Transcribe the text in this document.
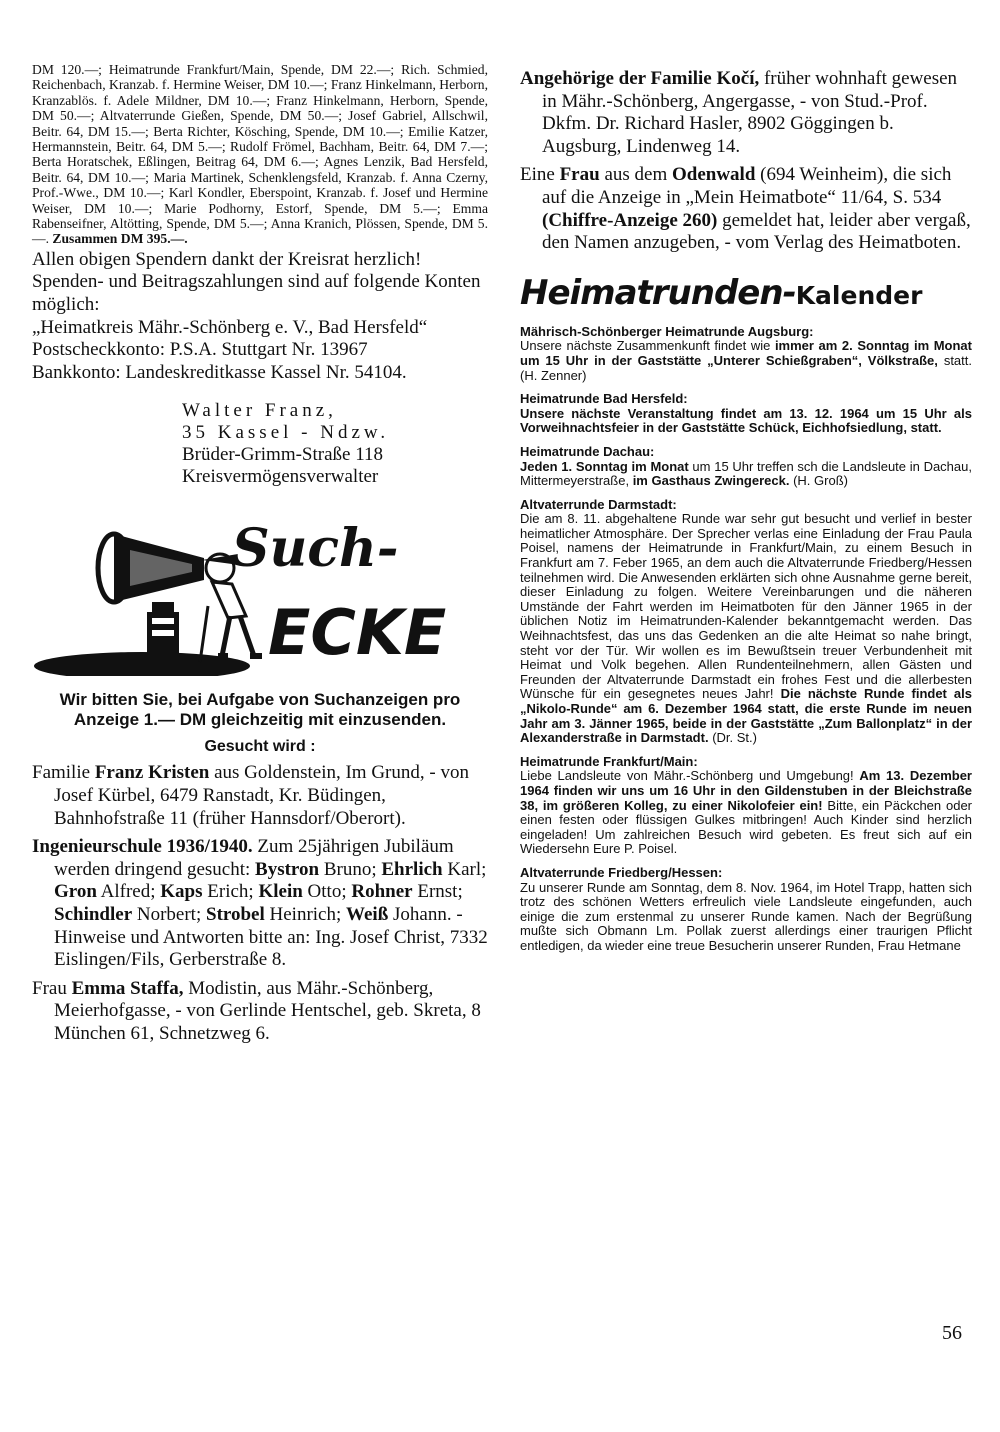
DM 120.—; Heimatrunde Frankfurt/Main, Spende, DM 22.—; Rich. Schmied, Reichenbach, Kranzab. f. Hermine Weiser, DM 10.—; Franz Hinkelmann, Herborn, Kranzablös. f. Adele Mildner, DM 10.—; Franz Hinkelmann, Herborn, Spende, DM 50.—; Altvaterrunde Gießen, Spende, DM 50.—; Josef Gabriel, Allschwil, Beitr. 64, DM 15.—; Berta Richter, Kösching, Spende, DM 10.—; Emilie Katzer, Hermannstein, Beitr. 64, DM 5.—; Rudolf Frömel, Bachham, Beitr. 64, DM 7.—; Berta Horatschek, Eßlingen, Beitrag 64, DM 6.—; Agnes Lenzik, Bad Hersfeld, Beitr. 64, DM 10.—; Maria Martinek, Schenklengsfeld, Kranzab. f. Anna Czerny, Prof.-Wwe., DM 10.—; Karl Kondler, Eberspoint, Kranzab. f. Josef und Hermine Weiser, DM 10.—; Marie Podhorny, Estorf, Spende, DM 5.—; Emma Rabenseifner, Altötting, Spende, DM 5.—; Anna Kranich, Plössen, Spende, DM 5.—. Zusammen DM 395.—.

Allen obigen Spendern dankt der Kreisrat herzlich!

Spenden- und Beitragszahlungen sind auf folgende Konten möglich:

„Heimatkreis Mähr.-Schönberg e. V., Bad Hersfeld“

Postscheckkonto: P.S.A. Stuttgart Nr. 13967

Bankkonto: Landeskreditkasse Kassel Nr. 54104.

Walter Franz,
35 Kassel - Ndzw.
Brüder-Grimm-Straße 118
Kreisvermögensverwalter
Such-
ECKE
Wir bitten Sie, bei Aufgabe von Suchanzeigen pro Anzeige 1.— DM gleichzeitig mit einzusenden.
Gesucht wird :

Familie Franz Kristen aus Goldenstein, Im Grund, - von Josef Kürbel, 6479 Ranstadt, Kr. Büdingen, Bahnhofstraße 11 (früher Hannsdorf/Oberort).

Ingenieurschule 1936/1940. Zum 25jährigen Jubiläum werden dringend gesucht: Bystron Bruno; Ehrlich Karl; Gron Alfred; Kaps Erich; Klein Otto; Rohner Ernst; Schindler Norbert; Strobel Heinrich; Weiß Johann. - Hinweise und Antworten bitte an: Ing. Josef Christ, 7332 Eislingen/Fils, Gerberstraße 8.

Frau Emma Staffa, Modistin, aus Mähr.-Schönberg, Meierhofgasse, - von Gerlinde Hentschel, geb. Skreta, 8 München 61, Schnetzweg 6.

Angehörige der Familie Kočí, früher wohnhaft gewesen in Mähr.-Schönberg, Angergasse, - von Stud.-Prof. Dkfm. Dr. Richard Hasler, 8902 Göggingen b. Augsburg, Lindenweg 14.

Eine Frau aus dem Odenwald (694 Weinheim), die sich auf die Anzeige in „Mein Heimatbote“ 11/64, S. 534 (Chiffre-Anzeige 260) gemeldet hat, leider aber vergaß, den Namen anzugeben, - vom Verlag des Heimatboten.

Heimatrunden-Kalender
Mährisch-Schönberger Heimatrunde Augsburg:
Unsere nächste Zusammenkunft findet wie immer am 2. Sonntag im Monat um 15 Uhr in der Gaststätte „Unterer Schießgraben“, Völkstraße, statt. (H. Zenner)
Heimatrunde Bad Hersfeld:
Unsere nächste Veranstaltung findet am 13. 12. 1964 um 15 Uhr als Vorweihnachtsfeier in der Gaststätte Schück, Eichhofsiedlung, statt.
Heimatrunde Dachau:
Jeden 1. Sonntag im Monat um 15 Uhr treffen sch die Landsleute in Dachau, Mittermeyerstraße, im Gasthaus Zwingereck. (H. Groß)
Altvaterrunde Darmstadt:
Die am 8. 11. abgehaltene Runde war sehr gut besucht und verlief in bester heimatlicher Atmosphäre. Der Sprecher verlas eine Einladung der Frau Paula Poisel, namens der Heimatrunde in Frankfurt/Main, zu einem Besuch in Frankfurt am 7. Feber 1965, an dem auch die Altvaterrunde Friedberg/Hessen teilnehmen wird. Die Anwesenden erklärten sich ohne Ausnahme gerne bereit, dieser Einladung zu folgen. Weitere Vereinbarungen und die näheren Umstände der Fahrt werden im Heimatboten für den Jänner 1965 in der üblichen Notiz im Heimatrunden-Kalender bekanntgemacht werden. Das Weihnachtsfest, das uns das Gedenken an die alte Heimat so nahe bringt, steht vor der Tür. Wir wollen es im Bewußtsein treuer Verbundenheit mit Heimat und Volk begehen. Allen Rundenteilnehmern, allen Gästen und Freunden der Altvaterrunde Darmstadt ein frohes Fest und die allerbesten Wünsche für ein gesegnetes neues Jahr! Die nächste Runde findet als „Nikolo-Runde“ am 6. Dezember 1964 statt, die erste Runde im neuen Jahr am 3. Jänner 1965, beide in der Gaststätte „Zum Ballonplatz“ in der Alexanderstraße in Darmstadt. (Dr. St.)
Heimatrunde Frankfurt/Main:
Liebe Landsleute von Mähr.-Schönberg und Umgebung! Am 13. Dezember 1964 finden wir uns um 16 Uhr in den Gildenstuben in der Bleichstraße 38, im größeren Kolleg, zu einer Nikolofeier ein! Bitte, ein Päckchen oder einen festen oder flüssigen Gulkes mitbringen! Auch Kinder sind herzlich eingeladen! Um zahlreichen Besuch wird gebeten. Es freut sich auf ein Wiedersehn Eure P. Poisel.
Altvaterrunde Friedberg/Hessen:
Zu unserer Runde am Sonntag, dem 8. Nov. 1964, im Hotel Trapp, hatten sich trotz des schönen Wetters erfreulich viele Landsleute eingefunden, auch einige die zum erstenmal zu unserer Runde kamen. Nach der Begrüßung mußte sich Obmann Lm. Pollak zuerst allerdings einer traurigen Pflicht entledigen, da wieder eine treue Besucherin unserer Runden, Frau Hetmane
56
